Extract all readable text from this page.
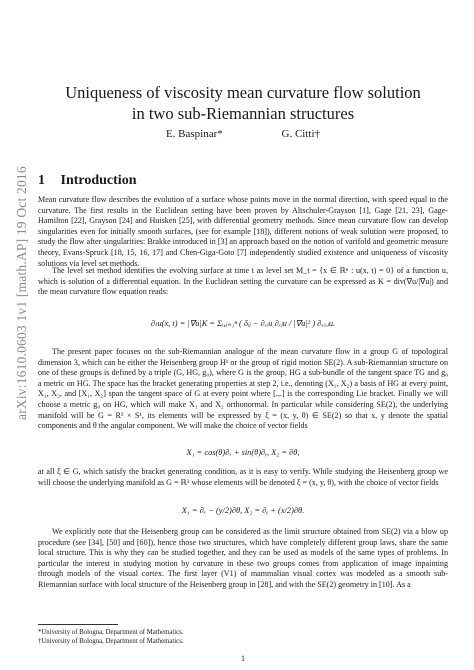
arXiv:1610.0603 1v1 [math.AP] 19 Oct 2016
Uniqueness of viscosity mean curvature flow solution
in two sub-Riemannian structures
E. Baspinar*	G. Citti†
1 Introduction

Mean curvature flow describes the evolution of a surface whose points move in the normal direction, with speed equal to the curvature. The first results in the Euclidean setting have been proven by Altschuler-Grayson [1], Gage [21, 23], Gage-Hamilton [22], Grayson [24] and Huisken [25], with differential geometry methods. Since mean curvature flow can develop singularities even for initially smooth surfaces, (see for example [18]), different notions of weak solution were proposed, to study the flow after singularities: Brakke introduced in [3] an approach based on the notion of varifold and geometric measure theory, Evans-Spruck [18, 15, 16, 17] and Chen-Giga-Goto [7] independently studied existence and uniqueness of viscosity solutions via level set methods.

The level set method identifies the evolving surface at time t as level set M_t = {x ∈ ℝⁿ : u(x, t) = 0} of a function u, which is solution of a differential equation. In the Euclidean setting the curvature can be expressed as K = div(∇u/|∇u|) and the mean curvature flow equation reads:

∂ₜu(x, t) = |∇u|K = Σᵢ,ⱼ₌₁ⁿ ( δᵢⱼ − ∂ₓᵢu ∂ₓⱼu / |∇u|² ) ∂ₓᵢₓⱼu.

The present paper focuses on the sub-Riemannian analogue of the mean curvature flow in a group G of topological dimension 3, which can be either the Heisenberg group H¹ or the group of rigid motion SE(2). A sub-Riemannian structure on one of these groups is defined by a triple (G, HG, g₀), where G is the group, HG a sub-bundle of the tangent space TG and g₀ a metric on HG. The space has the bracket generating properties at step 2, i.e., denoting (X₁, X₂) a basis of HG at every point, X₁, X₂, and [X₁, X₂] span the tangent space of G at every point where [.,.] is the corresponding Lie bracket. Finally we will choose a metric g₀ on HG, which will make X₁ and X₂ orthonormal. In particular while considering SE(2), the underlying manifold will be G = R² × S¹, its elements will be expressed by ξ = (x, y, θ) ∈ SE(2) so that x, y denote the spatial components and θ the angular component. We will make the choice of vector fields

X₁ = cos(θ)∂ₓ + sin(θ)∂ᵧ, X₂ = ∂θ,

at all ξ ∈ G, which satisfy the bracket generating condition, as it is easy to verify. While studying the Heisenberg group we will choose the underlying manifold as G = ℝ³ whose elements will be denoted ξ = (x, y, θ), with the choice of vector fields

X₁ = ∂ₓ − (y/2)∂θ, X₂ = ∂ᵧ + (x/2)∂θ.

We explicitly note that the Heisenberg group can be considered as the limit structure obtained from SE(2) via a blow up procedure (see [34], [50] and [60]), hence those two structures, which have completely different group laws, share the same local structure. This is why they can be studied together, and they can be used as models of the same types of problems. In particular the interest in studying motion by curvature in these two groups comes from application of image inpainting through models of the visual cortex. The first layer (V1) of mammalian visual cortex was modeled as a smooth sub-Riemannian surface with local structure of the Heisenberg group in [28], and with the SE(2) geometry in [10]. As a

*University of Bologna, Department of Mathematics.
†University of Bologna, Department of Mathematics.
1
